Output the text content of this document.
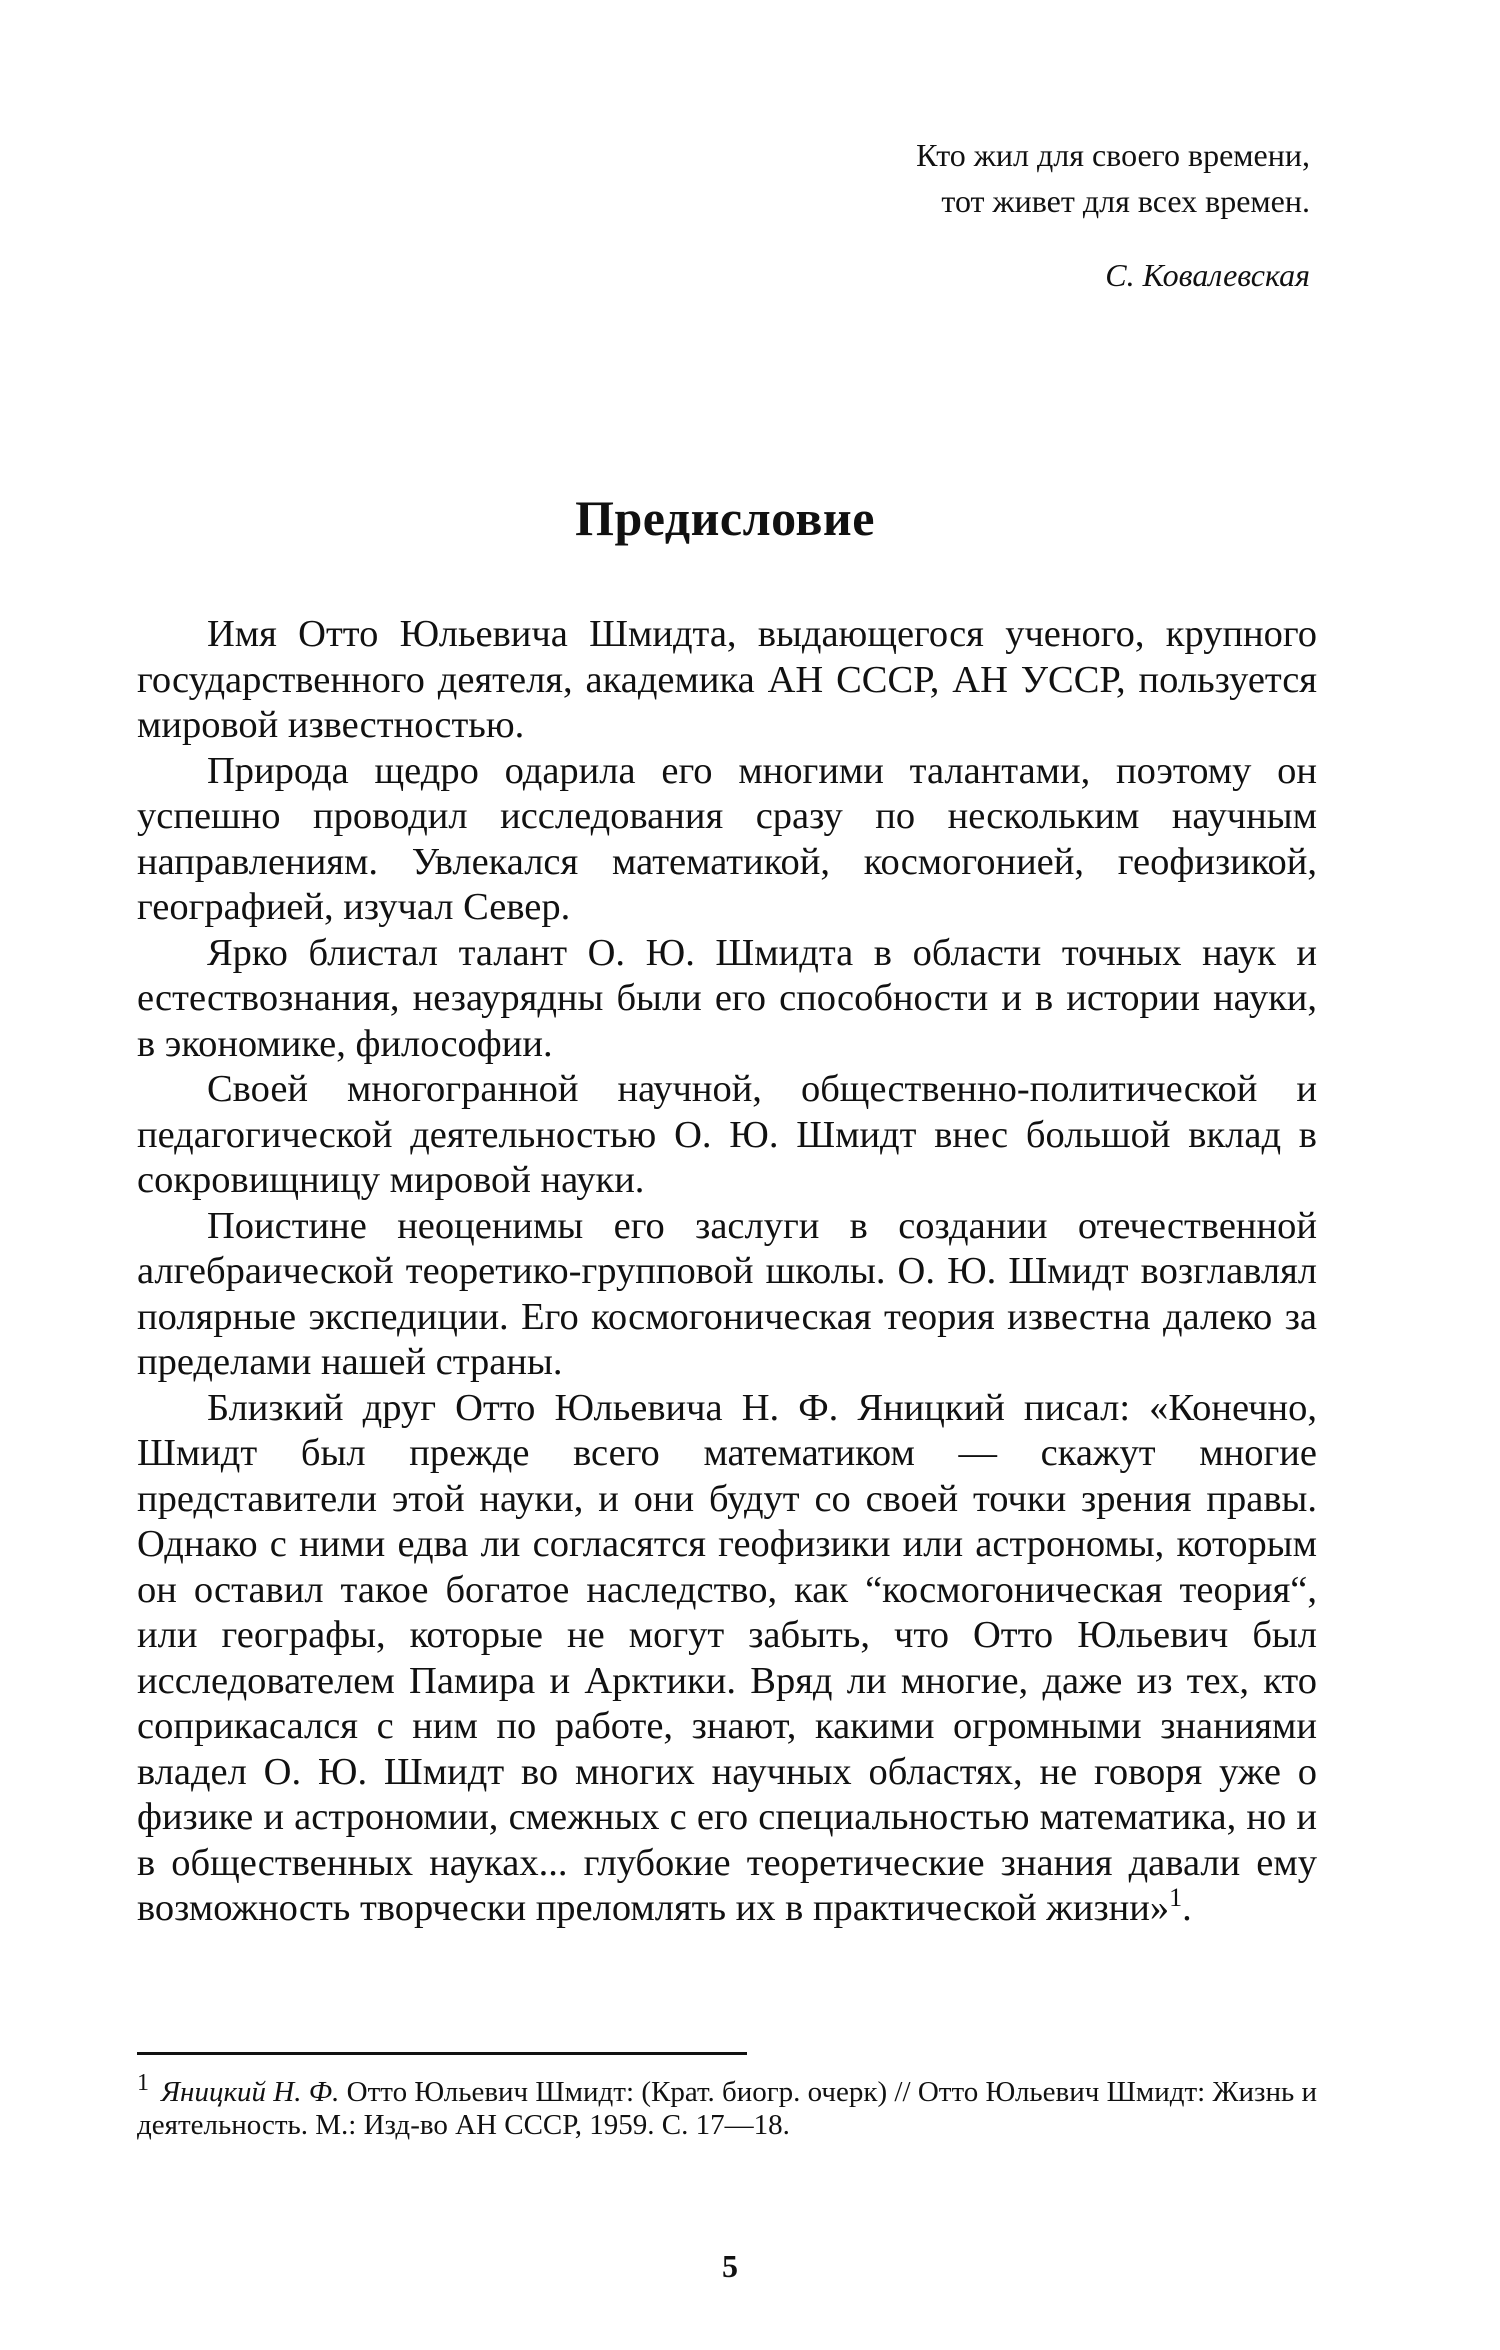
Кто жил для своего времени,
тот живет для всех времен.
С. Ковалевская
Предисловие

Имя Отто Юльевича Шмидта, выдающегося ученого, крупного государственного деятеля, академика АН СССР, АН УССР, пользуется мировой известностью.

Природа щедро одарила его многими талантами, поэтому он успешно проводил исследования сразу по нескольким научным направлениям. Увлекался математикой, космогонией, геофизикой, географией, изучал Север.

Ярко блистал талант О. Ю. Шмидта в области точных наук и естествознания, незаурядны были его способности и в истории науки, в экономике, философии.

Своей многогранной научной, общественно-политической и педагогической деятельностью О. Ю. Шмидт внес большой вклад в сокровищницу мировой науки.

Поистине неоценимы его заслуги в создании отечественной алгебраической теоретико-групповой школы. О. Ю. Шмидт возглавлял полярные экспедиции. Его космогоническая теория известна далеко за пределами нашей страны.

Близкий друг Отто Юльевича Н. Ф. Яницкий писал: «Конечно, Шмидт был прежде всего математиком — скажут многие представители этой науки, и они будут со своей точки зрения правы. Однако с ними едва ли согласятся геофизики или астрономы, которым он оставил такое богатое наследство, как “космогоническая теория“, или географы, которые не могут забыть, что Отто Юльевич был исследователем Памира и Арктики. Вряд ли многие, даже из тех, кто соприкасался с ним по работе, знают, какими огромными знаниями владел О. Ю. Шмидт во многих научных областях, не говоря уже о физике и астрономии, смежных с его специальностью математика, но и в общественных науках... глубокие теоретические знания давали ему возможность творчески преломлять их в практической жизни»$^1$.

$^1$ Яницкий Н. Ф. Отто Юльевич Шмидт: (Крат. биогр. очерк) // Отто Юльевич Шмидт: Жизнь и деятельность. М.: Изд-во АН СССР, 1959. С. 17—18.
5
